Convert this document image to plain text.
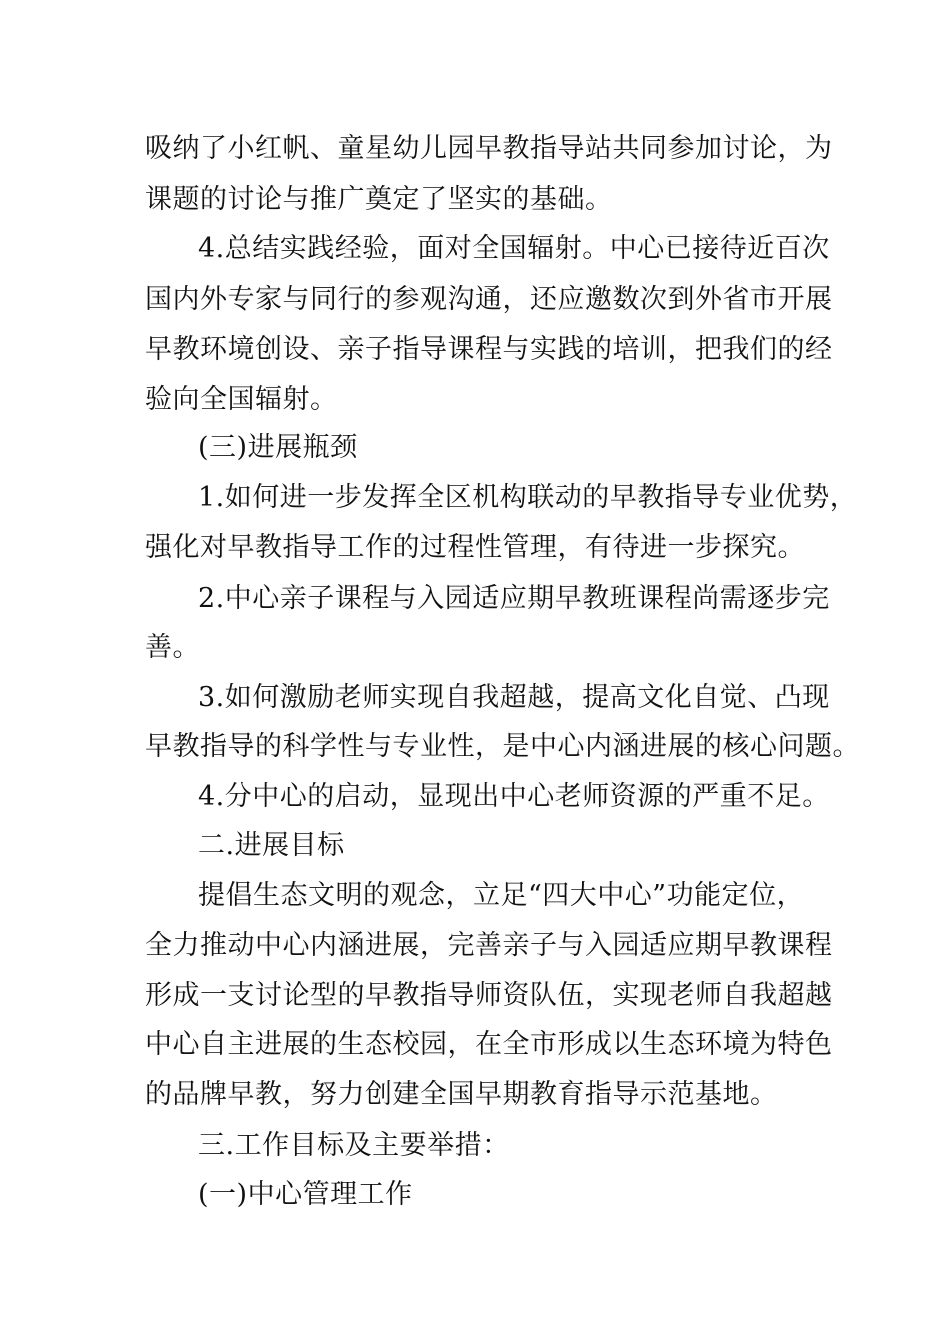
吸纳了小红帆、童星幼儿园早教指导站共同参加讨论，为
课题的讨论与推广奠定了坚实的基础。
4.总结实践经验，面对全国辐射。中心已接待近百次
国内外专家与同行的参观沟通，还应邀数次到外省市开展
早教环境创设、亲子指导课程与实践的培训，把我们的经
验向全国辐射。
(三)进展瓶颈
1.如何进一步发挥全区机构联动的早教指导专业优势，
强化对早教指导工作的过程性管理，有待进一步探究。
2.中心亲子课程与入园适应期早教班课程尚需逐步完
善。
3.如何激励老师实现自我超越，提高文化自觉、凸现
早教指导的科学性与专业性，是中心内涵进展的核心问题。
4.分中心的启动，显现出中心老师资源的严重不足。
二.进展目标
提倡生态文明的观念，立足“四大中心”功能定位，
全力推动中心内涵进展，完善亲子与入园适应期早教课程
形成一支讨论型的早教指导师资队伍，实现老师自我超越
中心自主进展的生态校园，在全市形成以生态环境为特色
的品牌早教，努力创建全国早期教育指导示范基地。
三.工作目标及主要举措：
(一)中心管理工作
